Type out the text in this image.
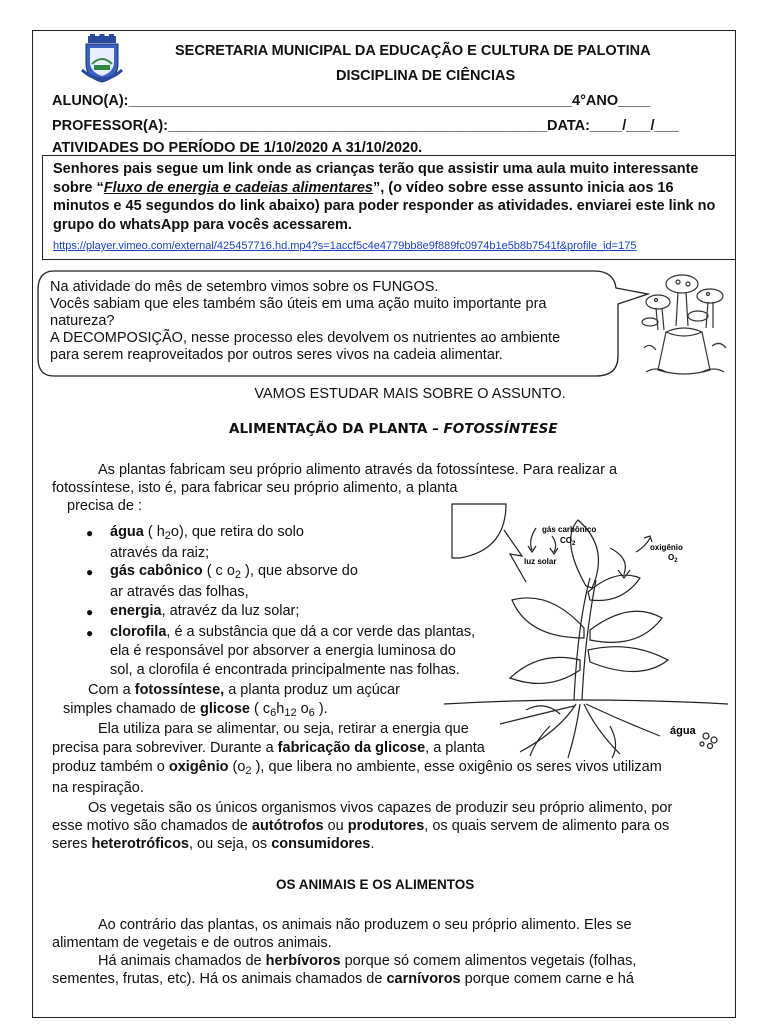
SECRETARIA MUNICIPAL DA EDUCAÇÃO E CULTURA DE PALOTINA
DISCIPLINA DE CIÊNCIAS
ALUNO(A):_______________________________________________________4°ANO____
PROFESSOR(A):_______________________________________________DATA:____/___/___
ATIVIDADES DO PERÍODO DE 1/10/2020 A 31/10/2020.

Senhores pais segue um link onde as crianças terão que assistir uma aula muito interessante sobre “Fluxo de energia e cadeias alimentares”, (o vídeo sobre esse assunto inicia aos 16 minutos e 45 segundos do link abaixo) para poder responder as atividades. enviarei este link no grupo do whatsApp para vocês acessarem.

https://player.vimeo.com/external/425457716.hd.mp4?s=1accf5c4e4779bb8e9f889fc0974b1e5b8b7541f&profile_id=175
Na atividade do mês de setembro vimos sobre os FUNGOS.
Vocês sabiam que eles também são úteis em uma ação muito importante pra
natureza?
A DECOMPOSIÇÃO, nesse processo eles devolvem os nutrientes ao ambiente
para serem reaproveitados por outros seres vivos na cadeia alimentar.
VAMOS ESTUDAR MAIS SOBRE O ASSUNTO.
ALIMENTAÇÃO DA PLANTA – FOTOSSÍNTESE
As plantas fabricam seu próprio alimento através da fotossíntese. Para realizar a
fotossíntese, isto é, para fabricar seu próprio alimento, a planta
precisa de :
● água ( $h_2o$), que retira do solo
através da raiz;
● gás cabônico ( c $o_2$ ), que absorve do
ar através das folhas,
● energia, atravéz da luz solar;
● clorofila, é a substância que dá a cor verde das plantas,
ela é responsável por absorver a energia luminosa do
sol, a clorofila é encontrada principalmente nas folhas.
Com a fotossíntese, a planta produz um açúcar
simples chamado de glicose ( $c_6h_{12}$ $o_6$ ).
Ela utiliza para se alimentar, ou seja, retirar a energia que
precisa para sobreviver. Durante a fabricação da glicose, a planta
produz também o oxigênio ($o_2$ ), que libera no ambiente, esse oxigênio os seres vivos utilizam
na respiração.
Os vegetais são os únicos organismos vivos capazes de produzir seu próprio alimento, por
esse motivo são chamados de autótrofos ou produtores, os quais servem de alimento para os
seres heterotróficos, ou seja, os consumidores.
gás carbônico
$CO_2$	oxigênio
$O_2$
luz solar
água
OS ANIMAIS E OS ALIMENTOS
Ao contrário das plantas, os animais não produzem o seu próprio alimento. Eles se
alimentam de vegetais e de outros animais.
Há animais chamados de herbívoros porque só comem alimentos vegetais (folhas,
sementes, frutas, etc). Há os animais chamados de carnívoros porque comem carne e há
